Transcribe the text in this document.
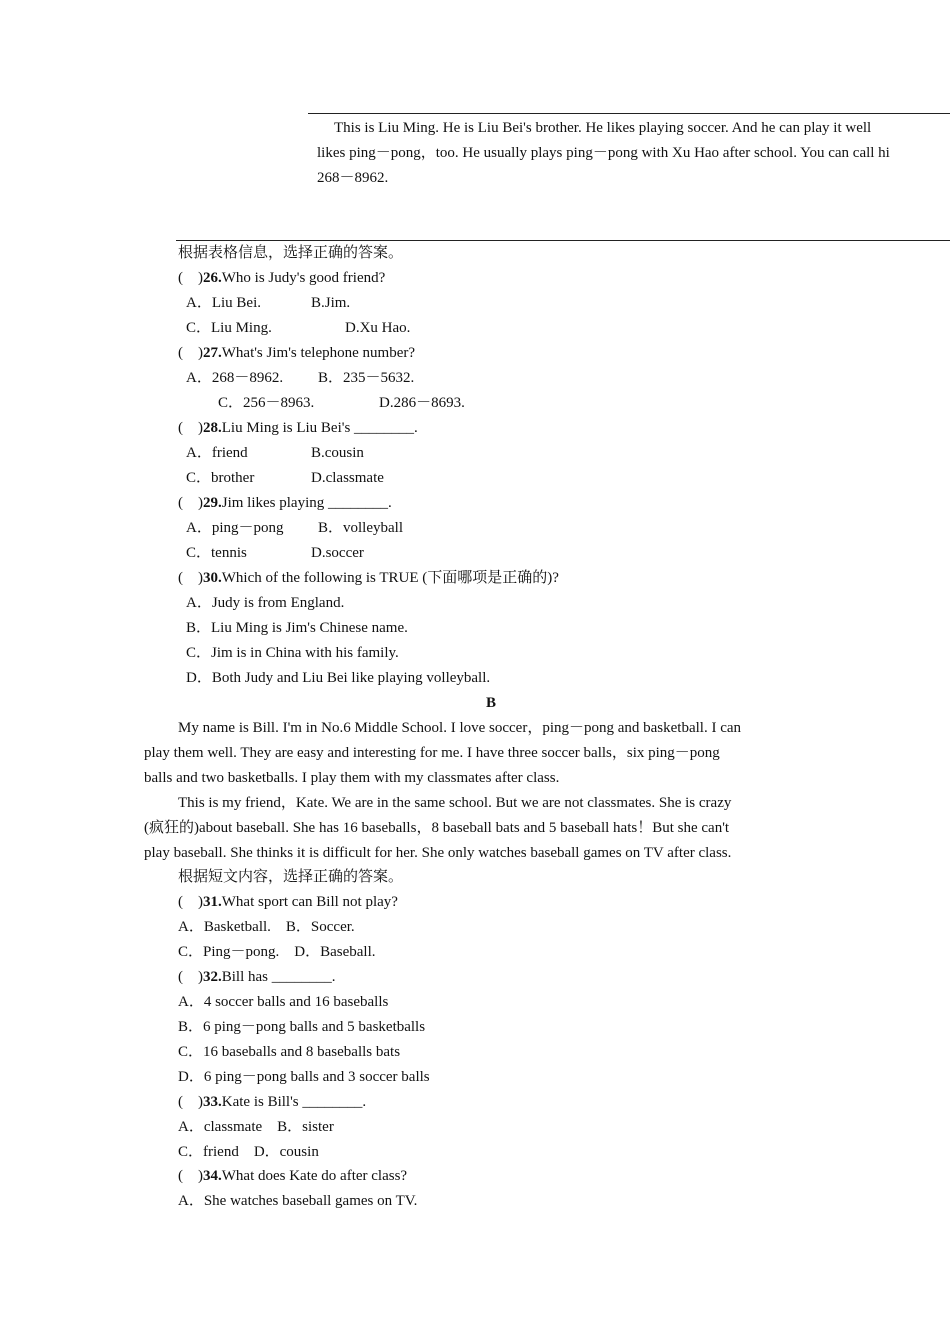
This is Liu Ming. He is Liu Bei's brother. He likes playing soccer. And he can play it well
likes ping－pong，too. He usually plays ping－pong with Xu Hao after school. You can call hi
268－8962.
根据表格信息，选择正确的答案。
(　)26.Who is Judy's good friend?
A．Liu Bei.	B.Jim.
C．Liu Ming.	D.Xu Hao.
(　)27.What's Jim's telephone number?
A．268－8962. B．235－5632.
C．256－8963.	D.286－8693.
(　)28.Liu Ming is Liu Bei's ________.
A．friend	B.cousin
C．brother	D.classmate
(　)29.Jim likes playing ________.
A．ping－pong B．volleyball
C．tennis	D.soccer
(　)30.Which of the following is TRUE (下面哪项是正确的)?
A．Judy is from England.
B．Liu Ming is Jim's Chinese name.
C．Jim is in China with his family.
D．Both Judy and Liu Bei like playing volleyball.
B
My name is Bill. I'm in No.6 Middle School. I love soccer，ping－pong and basketball. I can
play them well. They are easy and interesting for me. I have three soccer balls，six ping－pong
balls and two basketballs. I play them with my classmates after class.
This is my friend，Kate. We are in the same school. But we are not classmates. She is crazy
(疯狂的)about baseball. She has 16 baseballs，8 baseball bats and 5 baseball hats！But she can't
play baseball. She thinks it is difficult for her. She only watches baseball games on TV after class.
根据短文内容，选择正确的答案。
(　)31.What sport can Bill not play?
A．Basketball.　B．Soccer.
C．Ping－pong.　D．Baseball.
(　)32.Bill has ________.
A．4 soccer balls and 16 baseballs
B．6 ping－pong balls and 5 basketballs
C．16 baseballs and 8 baseballs bats
D．6 ping－pong balls and 3 soccer balls
(　)33.Kate is Bill's ________.
A．classmate　B．sister
C．friend　D．cousin
(　)34.What does Kate do after class?
A．She watches baseball games on TV.
